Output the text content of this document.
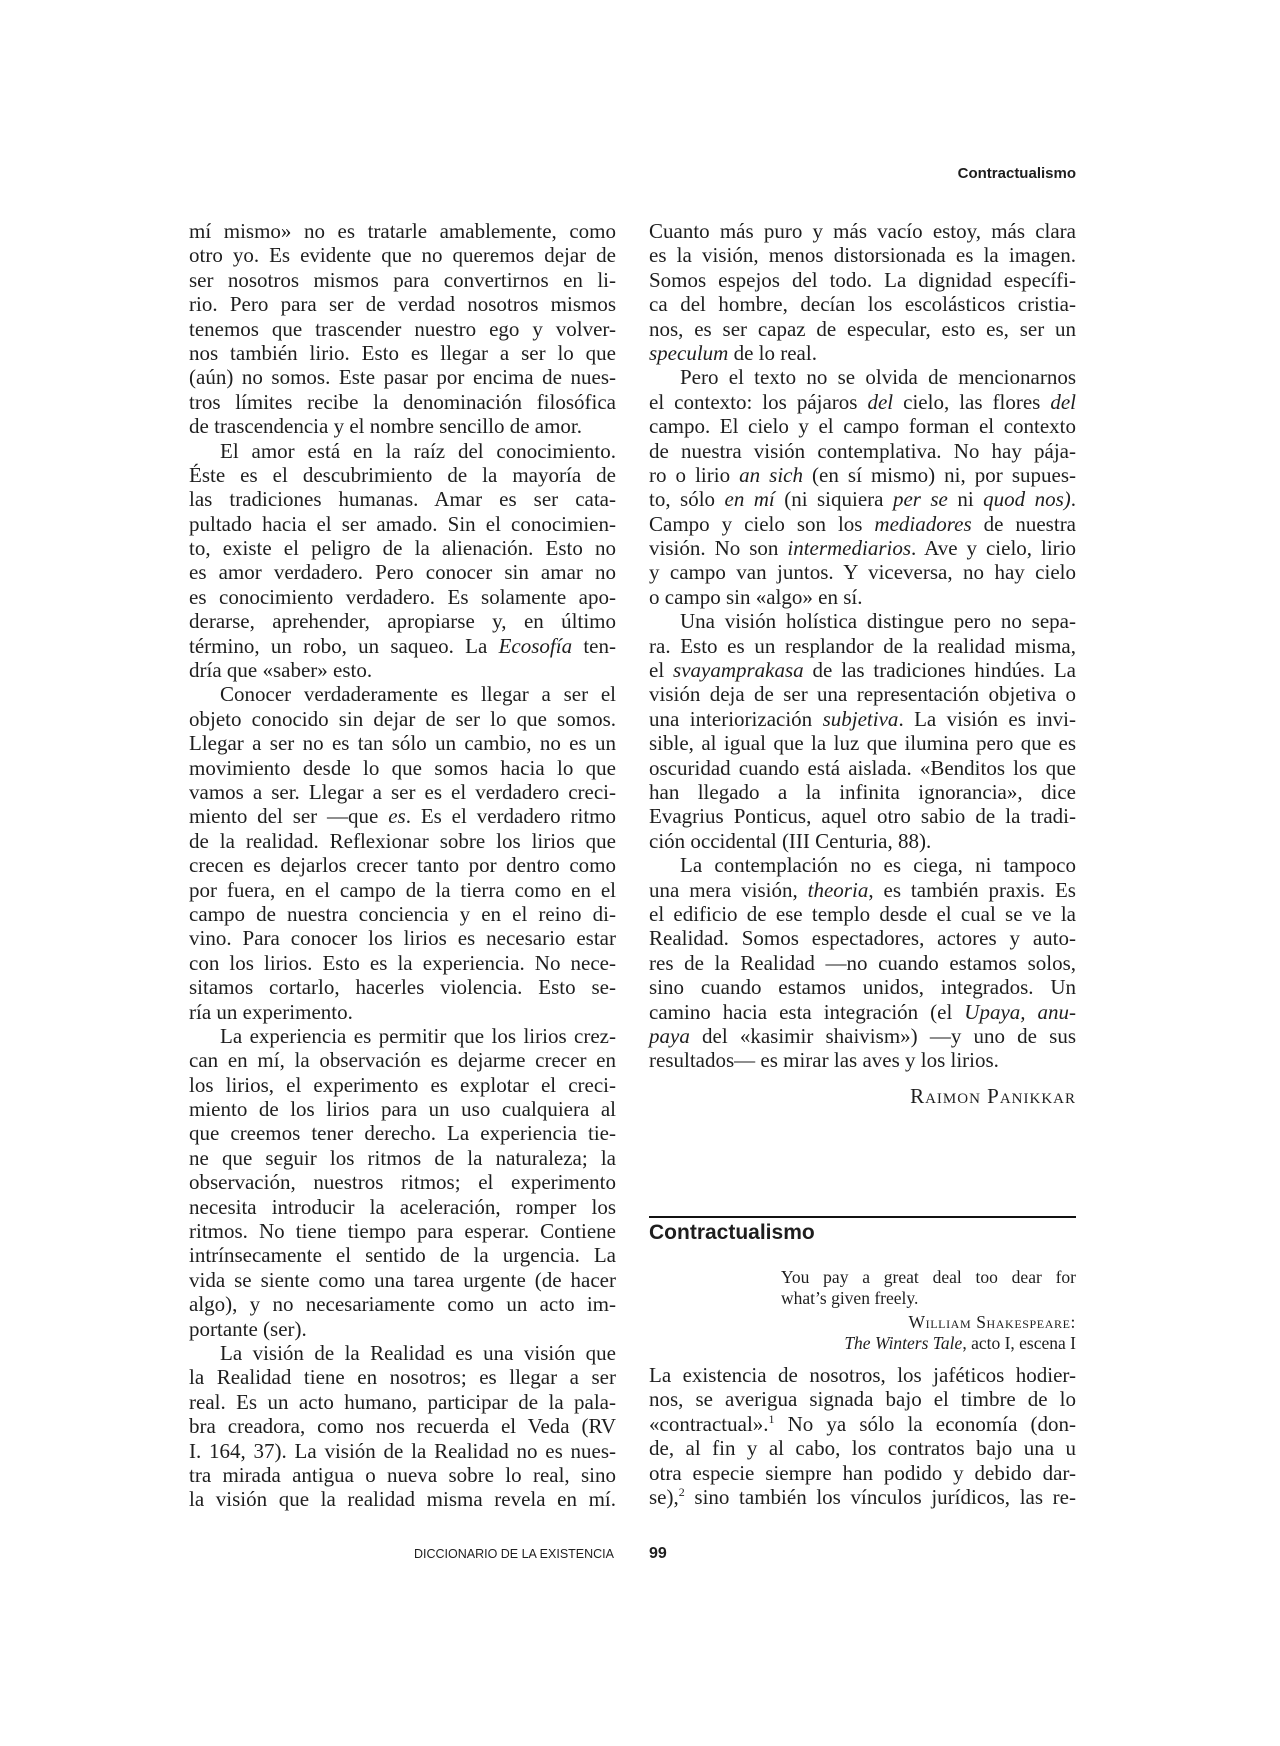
Contractualismo
mí mismo» no es tratarle amablemente, como
otro yo. Es evidente que no queremos dejar de
ser nosotros mismos para convertirnos en li-
rio. Pero para ser de verdad nosotros mismos
tenemos que trascender nuestro ego y volver-
nos también lirio. Esto es llegar a ser lo que
(aún) no somos. Este pasar por encima de nues-
tros límites recibe la denominación filosófica
de trascendencia y el nombre sencillo de amor.
El amor está en la raíz del conocimiento.
Éste es el descubrimiento de la mayoría de
las tradiciones humanas. Amar es ser cata-
pultado hacia el ser amado. Sin el conocimien-
to, existe el peligro de la alienación. Esto no
es amor verdadero. Pero conocer sin amar no
es conocimiento verdadero. Es solamente apo-
derarse, aprehender, apropiarse y, en último
término, un robo, un saqueo. La Ecosofía ten-
dría que «saber» esto.
Conocer verdaderamente es llegar a ser el
objeto conocido sin dejar de ser lo que somos.
Llegar a ser no es tan sólo un cambio, no es un
movimiento desde lo que somos hacia lo que
vamos a ser. Llegar a ser es el verdadero creci-
miento del ser —que es. Es el verdadero ritmo
de la realidad. Reflexionar sobre los lirios que
crecen es dejarlos crecer tanto por dentro como
por fuera, en el campo de la tierra como en el
campo de nuestra conciencia y en el reino di-
vino. Para conocer los lirios es necesario estar
con los lirios. Esto es la experiencia. No nece-
sitamos cortarlo, hacerles violencia. Esto se-
ría un experimento.
La experiencia es permitir que los lirios crez-
can en mí, la observación es dejarme crecer en
los lirios, el experimento es explotar el creci-
miento de los lirios para un uso cualquiera al
que creemos tener derecho. La experiencia tie-
ne que seguir los ritmos de la naturaleza; la
observación, nuestros ritmos; el experimento
necesita introducir la aceleración, romper los
ritmos. No tiene tiempo para esperar. Contiene
intrínsecamente el sentido de la urgencia. La
vida se siente como una tarea urgente (de hacer
algo), y no necesariamente como un acto im-
portante (ser).
La visión de la Realidad es una visión que
la Realidad tiene en nosotros; es llegar a ser
real. Es un acto humano, participar de la pala-
bra creadora, como nos recuerda el Veda (RV
I. 164, 37). La visión de la Realidad no es nues-
tra mirada antigua o nueva sobre lo real, sino
la visión que la realidad misma revela en mí.
Cuanto más puro y más vacío estoy, más clara
es la visión, menos distorsionada es la imagen.
Somos espejos del todo. La dignidad específi-
ca del hombre, decían los escolásticos cristia-
nos, es ser capaz de especular, esto es, ser un
speculum de lo real.
Pero el texto no se olvida de mencionarnos
el contexto: los pájaros del cielo, las flores del
campo. El cielo y el campo forman el contexto
de nuestra visión contemplativa. No hay pája-
ro o lirio an sich (en sí mismo) ni, por supues-
to, sólo en mí (ni siquiera per se ni quod nos).
Campo y cielo son los mediadores de nuestra
visión. No son intermediarios. Ave y cielo, lirio
y campo van juntos. Y viceversa, no hay cielo
o campo sin «algo» en sí.
Una visión holística distingue pero no sepa-
ra. Esto es un resplandor de la realidad misma,
el svayamprakasa de las tradiciones hindúes. La
visión deja de ser una representación objetiva o
una interiorización subjetiva. La visión es invi-
sible, al igual que la luz que ilumina pero que es
oscuridad cuando está aislada. «Benditos los que
han llegado a la infinita ignorancia», dice
Evagrius Ponticus, aquel otro sabio de la tradi-
ción occidental (III Centuria, 88).
La contemplación no es ciega, ni tampoco
una mera visión, theoria, es también praxis. Es
el edificio de ese templo desde el cual se ve la
Realidad. Somos espectadores, actores y auto-
res de la Realidad —no cuando estamos solos,
sino cuando estamos unidos, integrados. Un
camino hacia esta integración (el Upaya, anu-
paya del «kasimir shaivism») —y uno de sus
resultados— es mirar las aves y los lirios.
Raimon Panikkar
Contractualismo
You pay a great deal too dear for
what’s given freely.
William Shakespeare:
The Winters Tale, acto I, escena I
La existencia de nosotros, los jaféticos hodier-
nos, se averigua signada bajo el timbre de lo
«contractual».$^1$ No ya sólo la economía (don-
de, al fin y al cabo, los contratos bajo una u
otra especie siempre han podido y debido dar-
se),$^2$ sino también los vínculos jurídicos, las re-
DICCIONARIO DE LA EXISTENCIA 99
